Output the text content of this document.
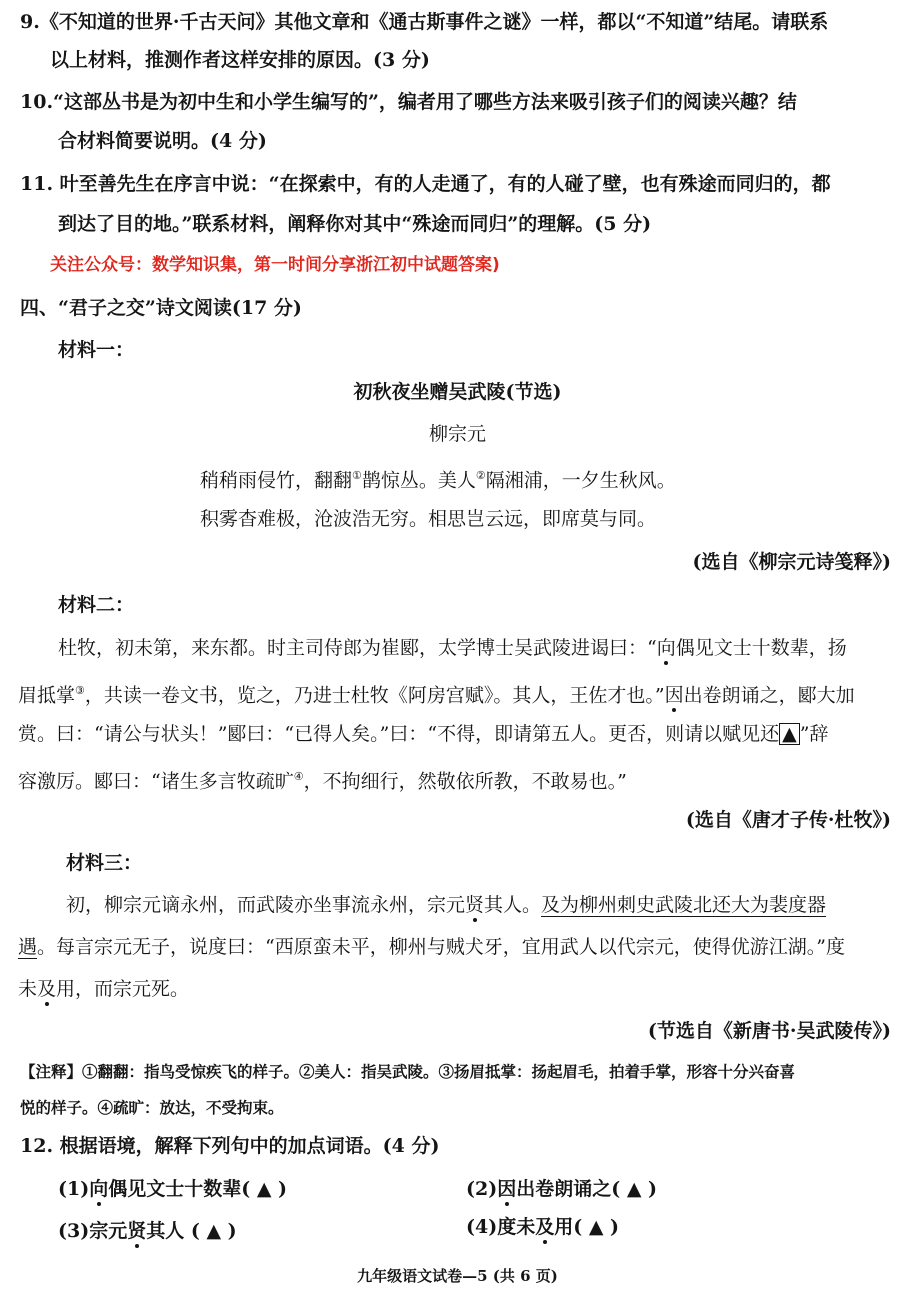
9.《不知道的世界·千古天问》其他文章和《通古斯事件之谜》一样，都以“不知道”结尾。请联系
以上材料，推测作者这样安排的原因。(3 分)
10.“这部丛书是为初中生和小学生编写的”，编者用了哪些方法来吸引孩子们的阅读兴趣？结
合材料简要说明。(4 分)
11. 叶至善先生在序言中说：“在探索中，有的人走通了，有的人碰了壁，也有殊途而同归的，都
到达了目的地。”联系材料，阐释你对其中“殊途而同归”的理解。(5 分)
关注公众号：数学知识集，第一时间分享浙江初中试题答案)
四、“君子之交”诗文阅读(17 分)
材料一：
初秋夜坐赠吴武陵(节选)
柳宗元
稍稍雨侵竹，翻翻①鹊惊丛。美人②隔湘浦，一夕生秋风。
积雾杳难极，沧波浩无穷。相思岂云远，即席莫与同。
(选自《柳宗元诗笺释》)
材料二：
杜牧，初未第，来东都。时主司侍郎为崔郾，太学博士吴武陵进谒曰：“向偶见文士十数辈，扬
眉抵掌③，共读一卷文书，览之，乃进士杜牧《阿房宫赋》。其人，王佐才也。”因出卷朗诵之，郾大加
赏。曰：“请公与状头！”郾曰：“已得人矣。”曰：“不得，即请第五人。更否，则请以赋见还 ▲ ”辞
容激厉。郾曰：“诸生多言牧疏旷④，不拘细行，然敬依所教，不敢易也。”
(选自《唐才子传·杜牧》)
材料三：
初，柳宗元谪永州，而武陵亦坐事流永州，宗元贤其人。及为柳州刺史武陵北还大为裴度器
遇。每言宗元无子，说度曰：“西原蛮未平，柳州与贼犬牙，宜用武人以代宗元，使得优游江湖。”度
未及用，而宗元死。
(节选自《新唐书·吴武陵传》)
【注释】①翻翻：指鸟受惊疾飞的样子。②美人：指吴武陵。③扬眉抵掌：扬起眉毛，拍着手掌，形容十分兴奋喜
悦的样子。④疏旷：放达，不受拘束。
12. 根据语境，解释下列句中的加点词语。(4 分)
(1)向偶见文士十数辈( ▲ )	(2)因出卷朗诵之( ▲ )
(3)宗元贤其人 ( ▲ )	(4)度未及用( ▲ )
九年级语文试卷—5 (共 6 页)
